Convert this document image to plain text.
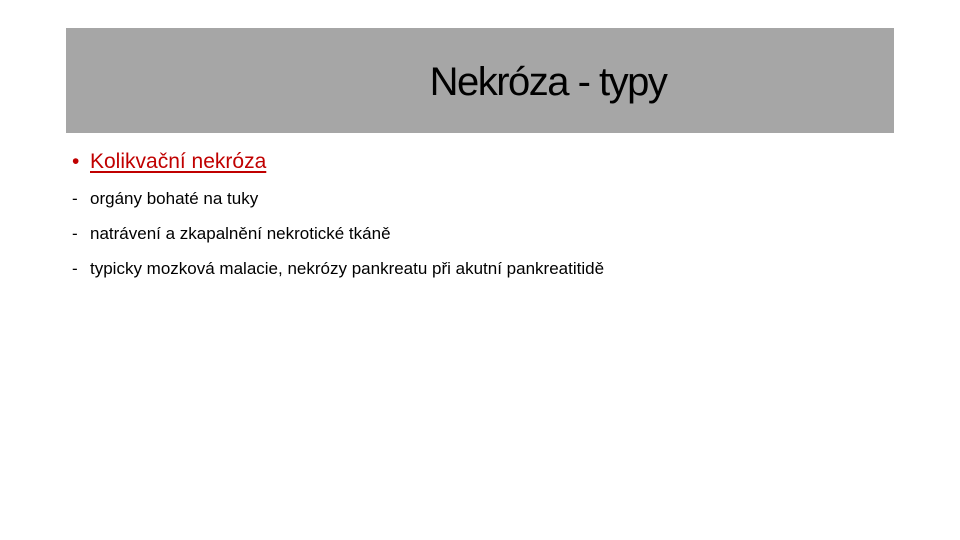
Nekróza - typy
• Kolikvační nekróza
- orgány bohaté na tuky
- natrávení a zkapalnění nekrotické tkáně
- typicky mozková malacie, nekrózy pankreatu při akutní pankreatitidě
